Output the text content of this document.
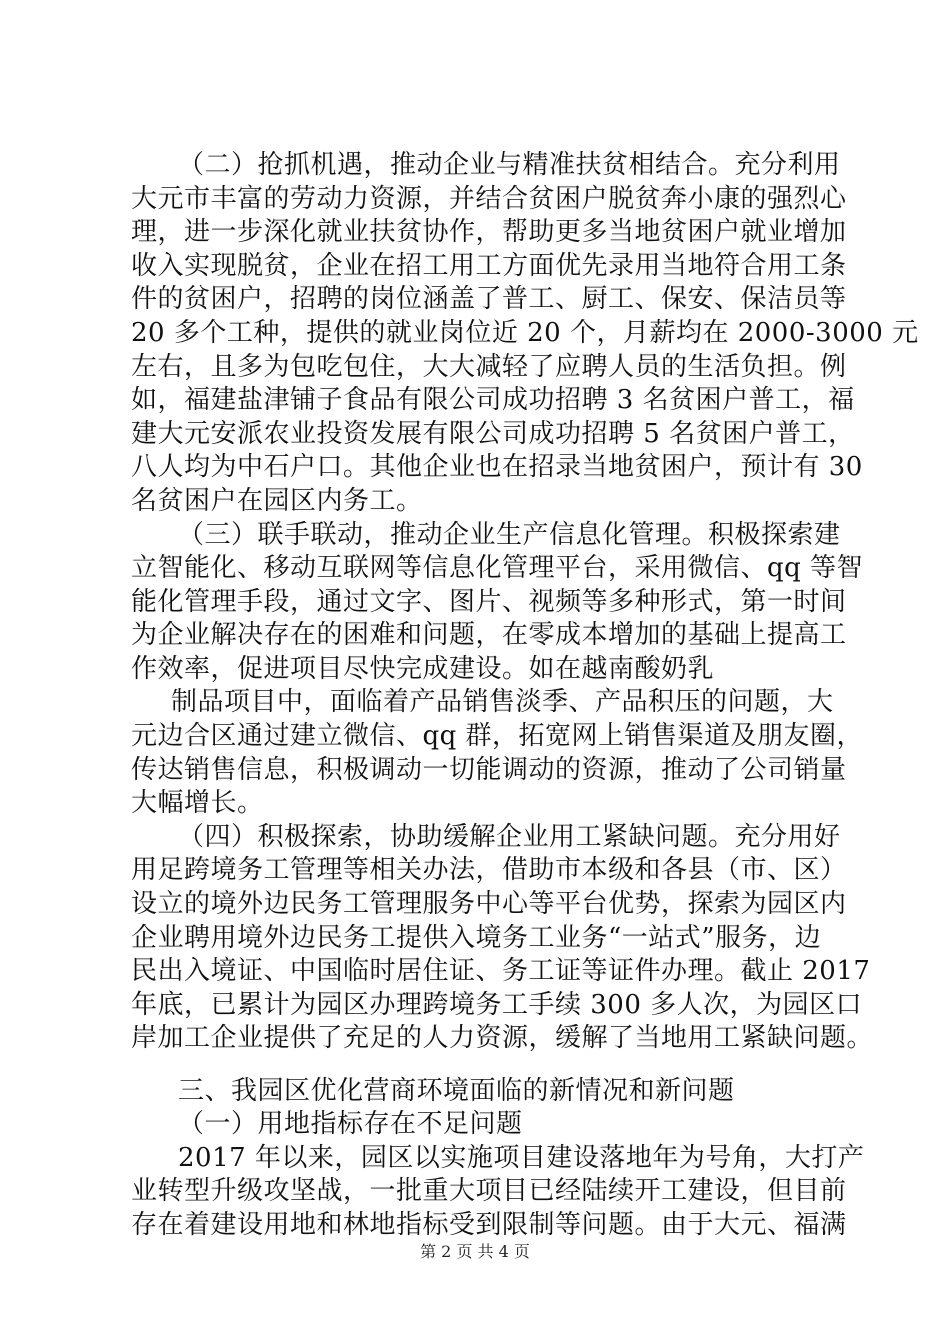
（二）抢抓机遇，推动企业与精准扶贫相结合。充分利用
大元市丰富的劳动力资源，并结合贫困户脱贫奔小康的强烈心
理，进一步深化就业扶贫协作，帮助更多当地贫困户就业增加
收入实现脱贫，企业在招工用工方面优先录用当地符合用工条
件的贫困户，招聘的岗位涵盖了普工、厨工、保安、保洁员等
20 多个工种，提供的就业岗位近 20 个，月薪均在 2000-3000 元
左右，且多为包吃包住，大大减轻了应聘人员的生活负担。例
如，福建盐津铺子食品有限公司成功招聘 3 名贫困户普工，福
建大元安派农业投资发展有限公司成功招聘 5 名贫困户普工，
八人均为中石户口。其他企业也在招录当地贫困户，预计有 30
名贫困户在园区内务工。
（三）联手联动，推动企业生产信息化管理。积极探索建
立智能化、移动互联网等信息化管理平台，采用微信、qq 等智
能化管理手段，通过文字、图片、视频等多种形式，第一时间
为企业解决存在的困难和问题，在零成本增加的基础上提高工
作效率，促进项目尽快完成建设。如在越南酸奶乳
制品项目中，面临着产品销售淡季、产品积压的问题，大
元边合区通过建立微信、qq 群，拓宽网上销售渠道及朋友圈，
传达销售信息，积极调动一切能调动的资源，推动了公司销量
大幅增长。
（四）积极探索，协助缓解企业用工紧缺问题。充分用好
用足跨境务工管理等相关办法，借助市本级和各县（市、区）
设立的境外边民务工管理服务中心等平台优势，探索为园区内
企业聘用境外边民务工提供入境务工业务“一站式”服务，边
民出入境证、中国临时居住证、务工证等证件办理。截止 2017
年底，已累计为园区办理跨境务工手续 300 多人次，为园区口
岸加工企业提供了充足的人力资源，缓解了当地用工紧缺问题。
三、我园区优化营商环境面临的新情况和新问题
（一）用地指标存在不足问题
2017 年以来，园区以实施项目建设落地年为号角，大打产
业转型升级攻坚战，一批重大项目已经陆续开工建设，但目前
存在着建设用地和林地指标受到限制等问题。由于大元、福满
第 2 页 共 4 页
